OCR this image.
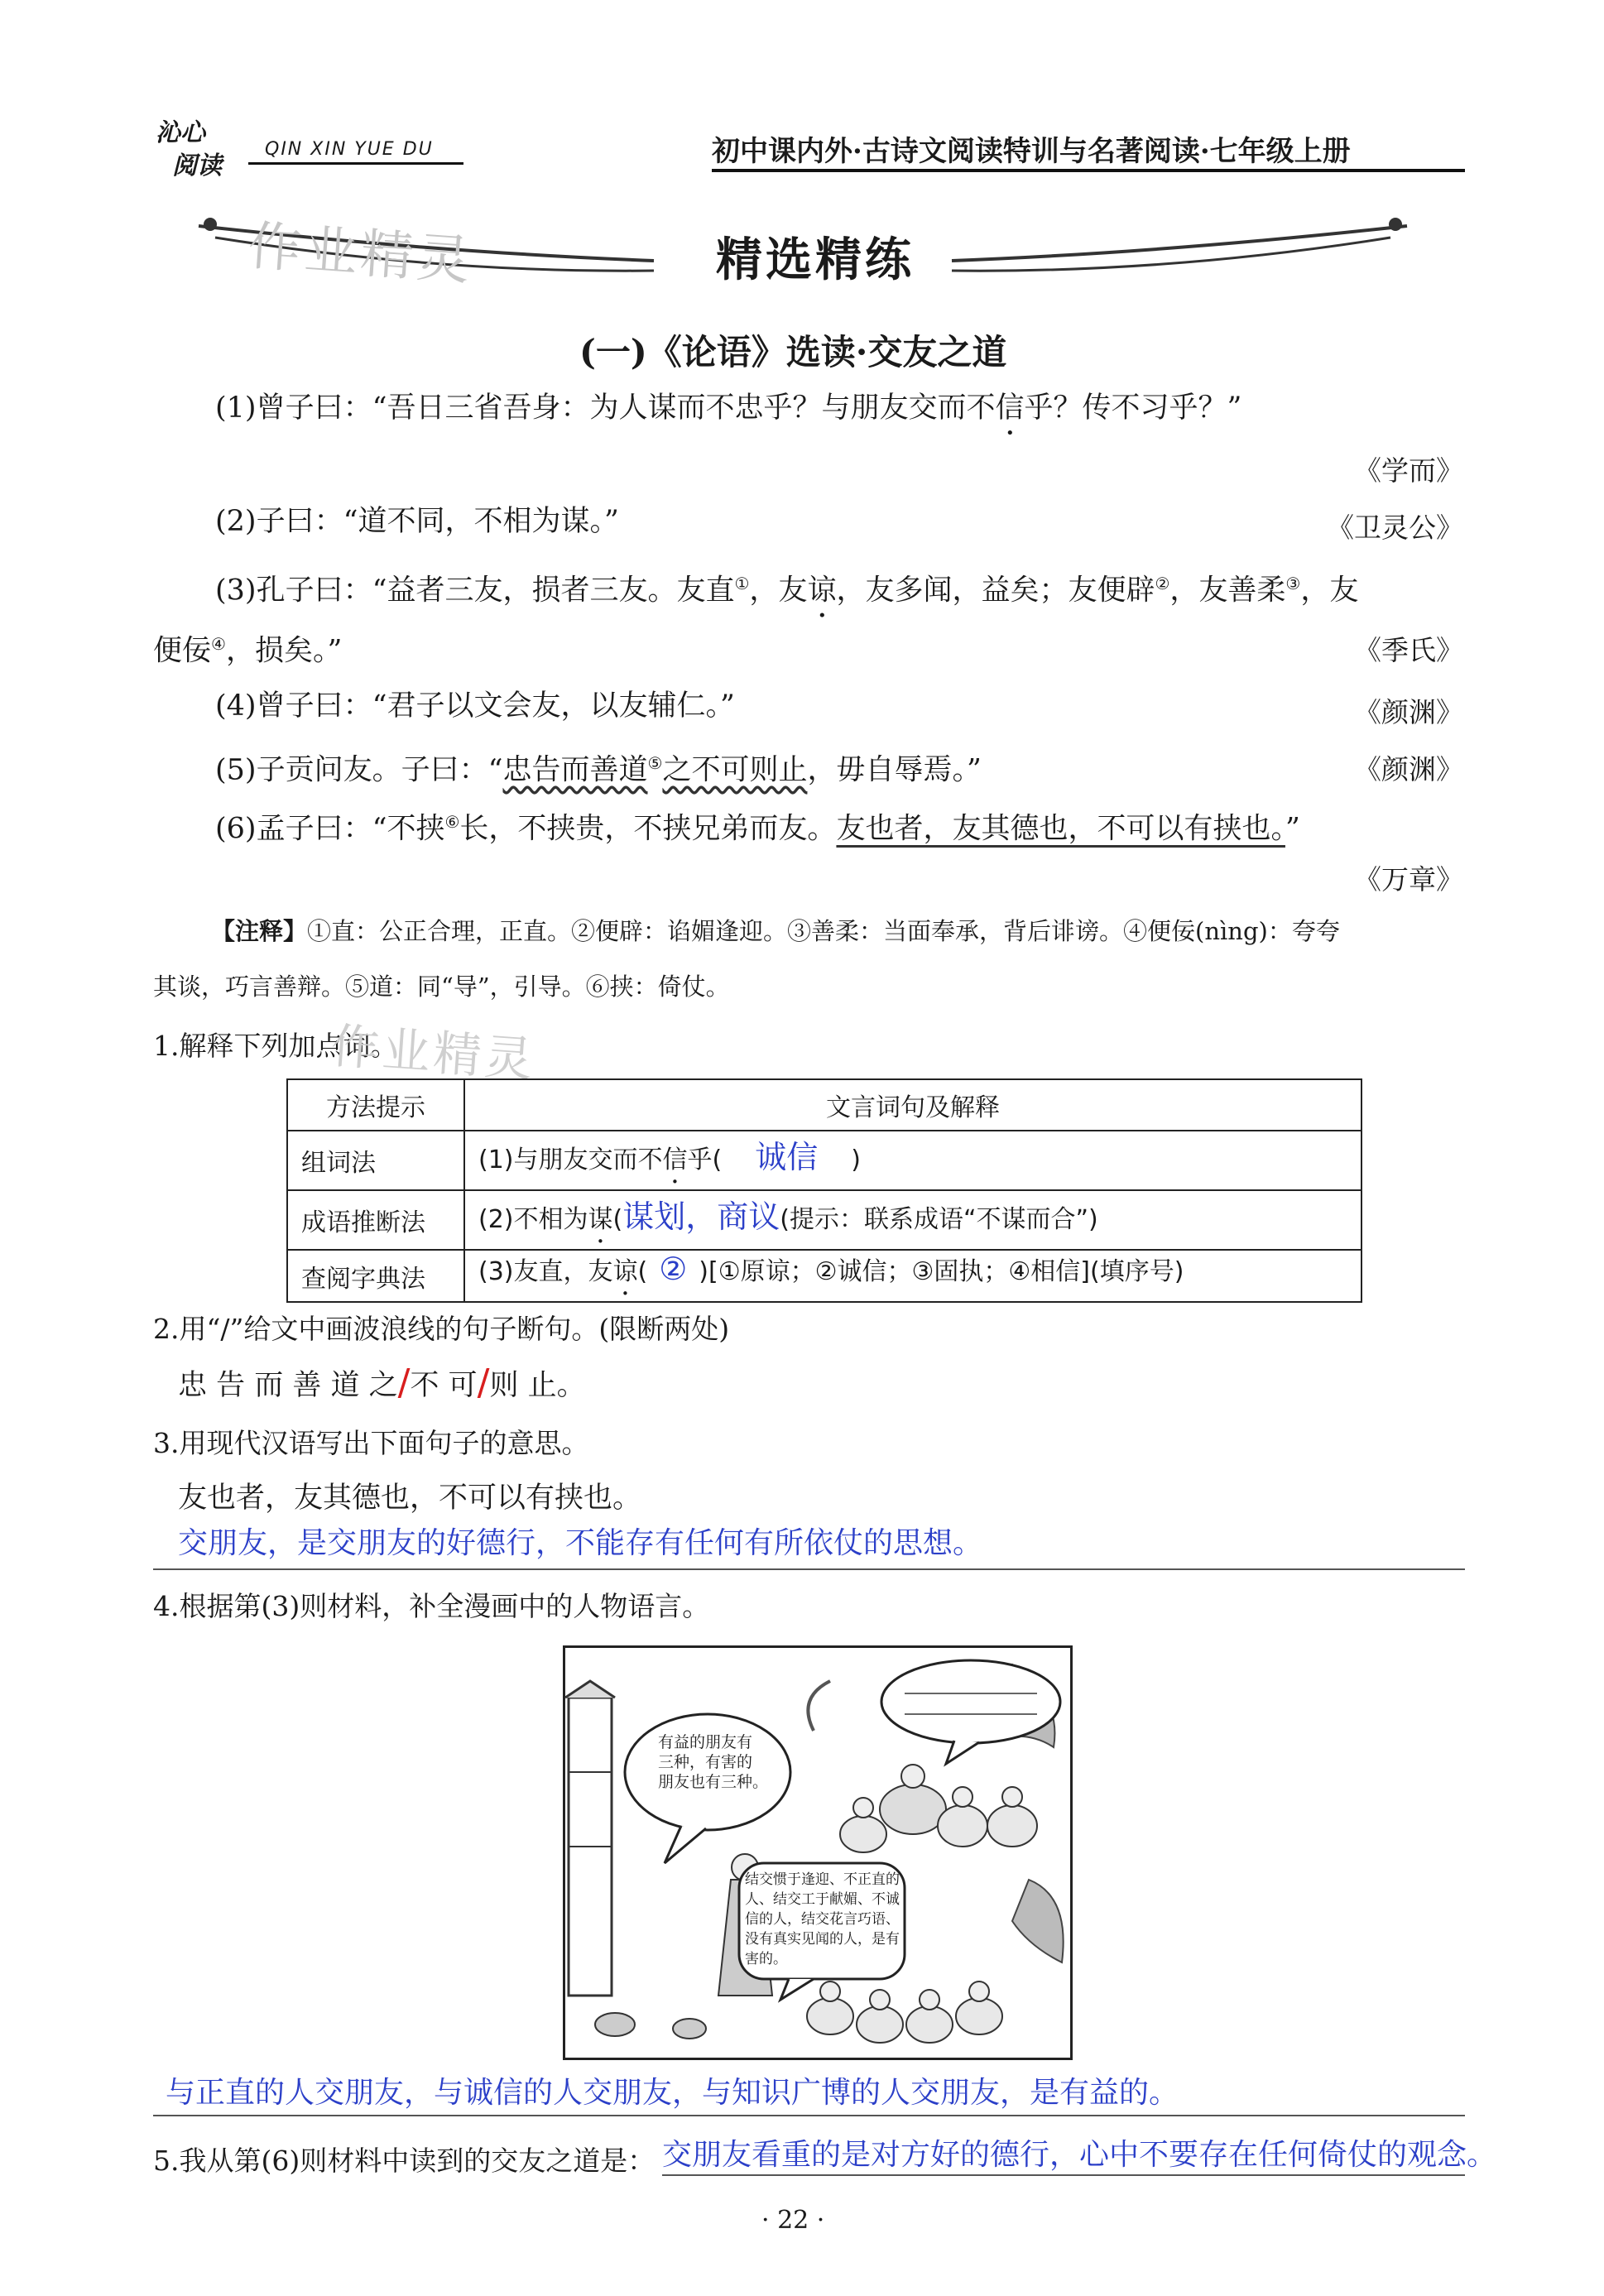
沁心
阅读
QIN XIN YUE DU	初中课内外·古诗文阅读特训与名著阅读·七年级上册
作业精灵	精选精练
(一)《论语》选读·交友之道
(1)曾子曰：“吾日三省吾身：为人谋而不忠乎？与朋友交而不信乎？传不习乎？”
《学而》
(2)子曰：“道不同，不相为谋。”	《卫灵公》
(3)孔子曰：“益者三友，损者三友。友直①，友谅，友多闻，益矣；友便辟②，友善柔③，友
便佞④，损矣。”	《季氏》
(4)曾子曰：“君子以文会友，以友辅仁。”	《颜渊》
(5)子贡问友。子曰：“忠告而善道⑤之不可则止，毋自辱焉。”	《颜渊》
(6)孟子曰：“不挟⑥长，不挟贵，不挟兄弟而友。友也者，友其德也，不可以有挟也。”
《万章》
【注释】①直：公正合理，正直。②便辟：谄媚逢迎。③善柔：当面奉承，背后诽谤。④便佞(nìng)：夸夸
其谈，巧言善辩。⑤道：同“导”，引导。⑥挟：倚仗。
1.解释下列加点词。
作业精灵
方法提示	文言词句及解释
组词法	(1)与朋友交而不信乎( 诚信 )
成语推断法	(2)不相为谋(谋划，商议(提示：联系成语“不谋而合”)
查阅字典法	(3)友直，友谅( ② )[①原谅；②诚信；③固执；④相信](填序号)
2.用“/”给文中画波浪线的句子断句。(限断两处)
忠 告 而 善 道 之/不 可/则 止。
3.用现代汉语写出下面句子的意思。
友也者，友其德也，不可以有挟也。
交朋友，是交朋友的好德行，不能存有任何有所依仗的思想。
4.根据第(3)则材料，补全漫画中的人物语言。
有益的朋友有
三种，有害的
朋友也有三种。
结交惯于逢迎、不正直的
人、结交工于献媚、不诚
信的人，结交花言巧语、
没有真实见闻的人，是有
害的。
与正直的人交朋友，与诚信的人交朋友，与知识广博的人交朋友，是有益的。
5.我从第(6)则材料中读到的交友之道是： 交朋友看重的是对方好的德行，心中不要存在任何倚仗的观念。
· 22 ·
